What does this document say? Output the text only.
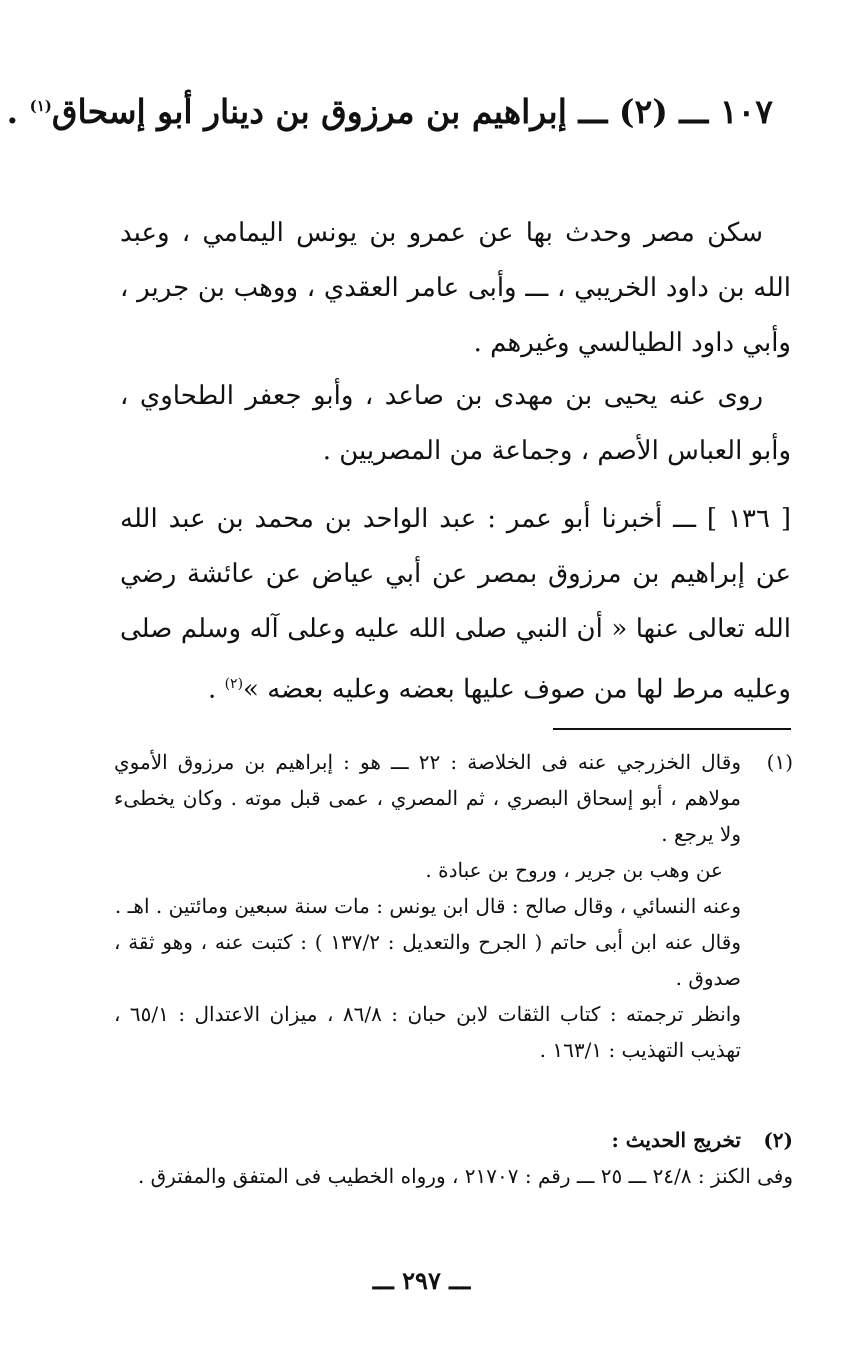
١٠٧ ـــ (٢) ـــ إبراهيم بن مرزوق بن دينار أبو إسحاق$^{(١)}$ .
سكن مصر وحدث بها عن عمرو بن يونس اليمامي ، وعبد الله بن داود الخريبي ، ـــ وأبى عامر العقدي ، ووهب بن جرير ، وأبي داود الطيالسي وغيرهم .
روى عنه يحيى بن مهدى بن صاعد ، وأبو جعفر الطحاوي ، وأبو العباس الأصم ، وجماعة من المصريين .
[ ١٣٦ ] ـــ أخبرنا أبو عمر : عبد الواحد بن محمد بن عبد الله عن إبراهيم بن مرزوق بمصر عن أبي عياض عن عائشة رضي الله تعالى عنها « أن النبي صلى الله عليه وعلى آله وسلم صلى وعليه مرط لها من صوف عليها بعضه وعليه بعضه »$^{(٢)}$ .
(١)
وقال الخزرجي عنه فى الخلاصة : ٢٢ ـــ هو : إبراهيم بن مرزوق الأموي مولاهم ، أبو إسحاق البصري ، ثم المصري ، عمى قبل موته . وكان يخطىء ولا يرجع .
عن وهب بن جرير ، وروح بن عبادة .
وعنه النسائي ، وقال صالح : قال ابن يونس : مات سنة سبعين ومائتين . اهـ .
وقال عنه ابن أبى حاتم ( الجرح والتعديل : ١٣٧/٢ ) : كتبت عنه ، وهو ثقة ، صدوق .
وانظر ترجمته : كتاب الثقات لابن حبان : ٨٦/٨ ، ميزان الاعتدال : ٦٥/١ ، تهذيب التهذيب : ١٦٣/١ .
(٢)
تخريج الحديث :
وفى الكنز : ٢٤/٨ ـــ ٢٥ ـــ رقم : ٢١٧٠٧ ، ورواه الخطيب فى المتفق والمفترق .
ـــ ٢٩٧ ـــ
